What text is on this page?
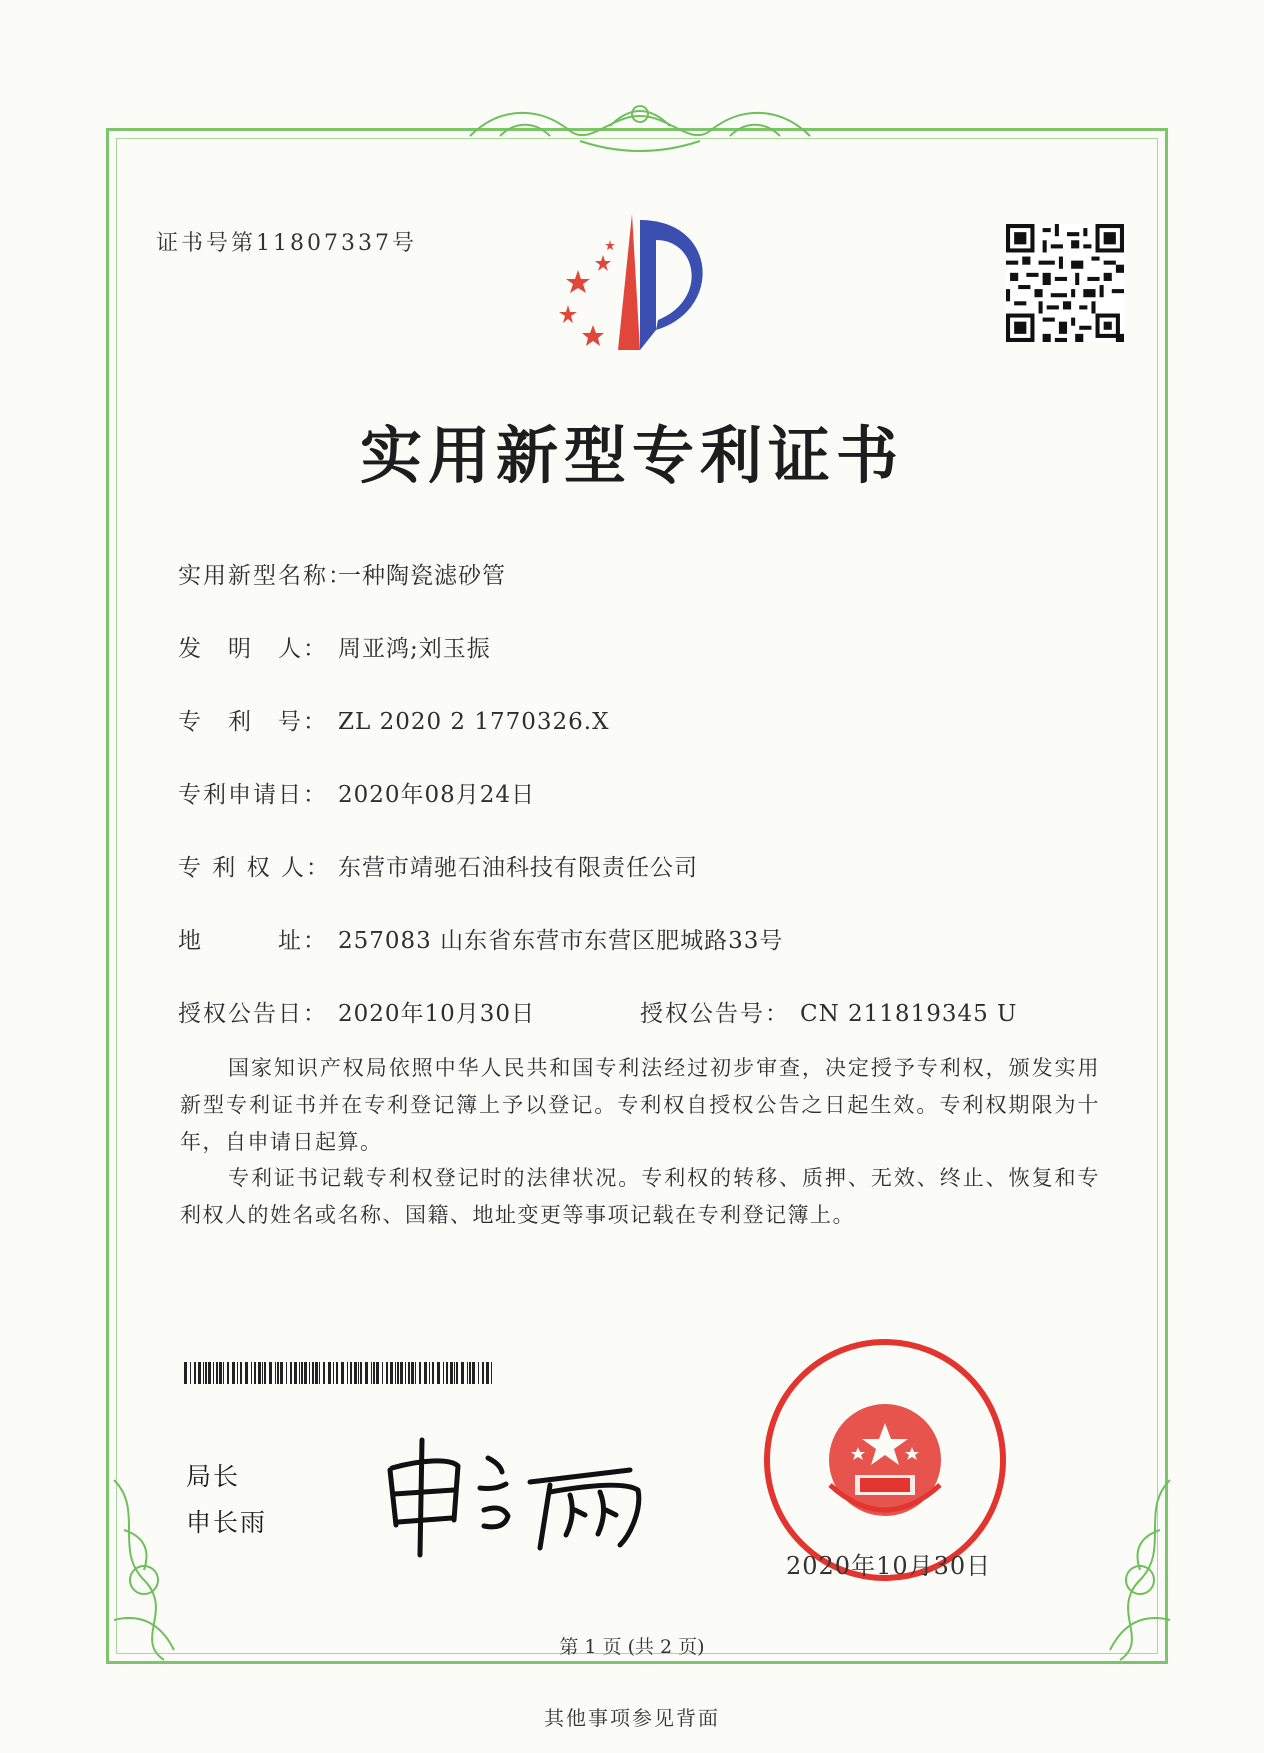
证书号第11807337号
实用新型专利证书
实用新型名称：一种陶瓷滤砂管
发　明　人： 周亚鸿;刘玉振
专　利　号： ZL 2020 2 1770326.X
专利申请日： 2020年08月24日
专 利 权 人： 东营市靖驰石油科技有限责任公司
地　　　址： 257083 山东省东营市东营区肥城路33号
授权公告日： 2020年10月30日	授权公告号： CN 211819345 U
国家知识产权局依照中华人民共和国专利法经过初步审查，决定授予专利权，颁发实用新型专利证书并在专利登记簿上予以登记。专利权自授权公告之日起生效。专利权期限为十年，自申请日起算。
专利证书记载专利权登记时的法律状况。专利权的转移、质押、无效、终止、恢复和专利权人的姓名或名称、国籍、地址变更等事项记载在专利登记簿上。
局长
申长雨
2020年10月30日
第 1 页 (共 2 页)
其他事项参见背面
